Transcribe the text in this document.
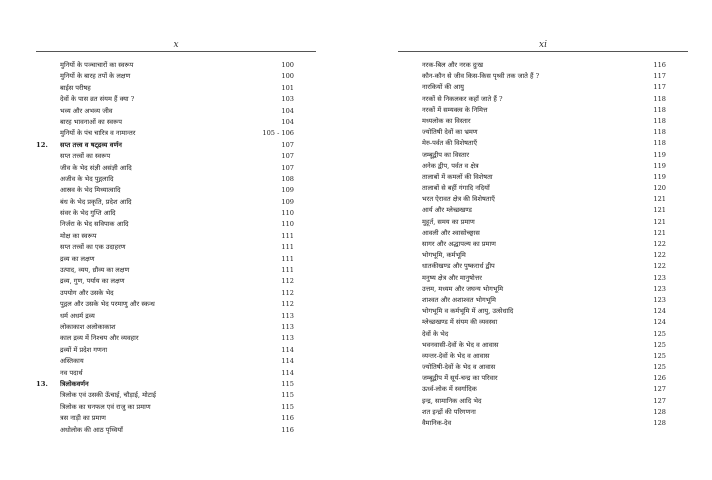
x
मुनियों के पञ्चाचारों का स्वरूप	100
मुनियों के बारह तपों के लक्षण	100
बाईस परीषह	101
देवों के पास व्रत संयम हैं क्या ?	103
भव्य और अभव्य जीव	104
बारह भावनाओं का स्वरूप	104
मुनियों के पंच चारित्र व नामान्तर	105 - 106
12. सप्त तत्त्व व षट्द्रव्य वर्णन	107
सप्त तत्त्वों का स्वरूप	107
जीव के भेद संज्ञी असंज्ञी आदि	107
अजीव के भेद पुद्गलादि	108
आस्रव के भेद मिथ्यात्वादि	109
बंध के भेद प्रकृति, प्रदेश आदि	109
संवर के भेद गुप्ति आदि	110
निर्जरा के भेद सविपाक आदि	110
मोक्ष का स्वरूप	111
सप्त तत्त्वों का एक उदाहरण	111
द्रव्य का लक्षण	111
उत्पाद, व्यय, ध्रौव्य का लक्षण	111
द्रव्य, गुण, पर्याय का लक्षण	112
उपयोग और उसके भेद	112
पुद्गल और उसके भेद परमाणु और स्कन्ध	112
धर्म अधर्म द्रव्य	113
लोकाकाश अलोकाकाश	113
काल द्रव्य में निश्चय और व्यवहार	113
द्रव्यों में प्रदेश गणना	114
अस्तिकाय	114
नव पदार्थ	114
13. त्रिलोकवर्णन	115
त्रिलोक एवं उसकी ऊँचाई, चौड़ाई, मोटाई	115
त्रिलोक का घनफल एवं राजु का प्रमाण	115
त्रस नाड़ी का प्रमाण	116
अधोलोक की आठ पृथ्वियाँ	116
xi
नरक-बिल और नरक दुःख	116
कौन-कौन से जीव किस-किस पृथ्वी तक जाते हैं ?	117
नारकियों की आयु	117
नरकों से निकलकर कहाँ जाते हैं ?	118
नरकों में सम्यक्त्व के निमित्त	118
मध्यलोक का विस्तार	118
ज्योतिषी देवों का भ्रमण	118
मेरु-पर्वत की विशेषताएँ	118
जम्बूद्वीप का विस्तार	119
अनेक द्वीप, पर्वत व क्षेत्र	119
तालाबों में कमलों की विशेषता	119
तालाबों से बहीं गंगादि नदियाँ	120
भरत ऐरावत क्षेत्र की विशेषताएँ	121
आर्य और म्लेच्छखण्ड	121
मुहूर्त, समय का प्रमाण	121
आवली और श्वासोच्छ्वास	121
सागर और अद्धापल्य का प्रमाण	122
भोगभूमि, कर्मभूमि	122
धातकीखण्ड और पुष्करार्ध द्वीप	122
मनुष्य क्षेत्र और मानुषोत्तर	123
उत्तम, मध्यम और जघन्य भोगभूमि	123
शाश्वत और अशाश्वत भोगभूमि	123
भोगभूमि व कर्मभूमि में आयु, उत्सेधादि	124
म्लेच्छखण्ड में संयम की व्यवस्था	124
देवों के भेद	125
भवनवासी-देवों के भेद व आवास	125
व्यन्तर-देवों के भेद व आवास	125
ज्योतिषी-देवों के भेद व आवास	125
जम्बूद्वीप में सूर्य-चन्द्र का परिवार	126
ऊर्ध्व-लोक में स्वर्गादिक	127
इन्द्र, सामानिक आदि भेद	127
शत इन्द्रों की परिगणना	128
वैमानिक-देव	128
